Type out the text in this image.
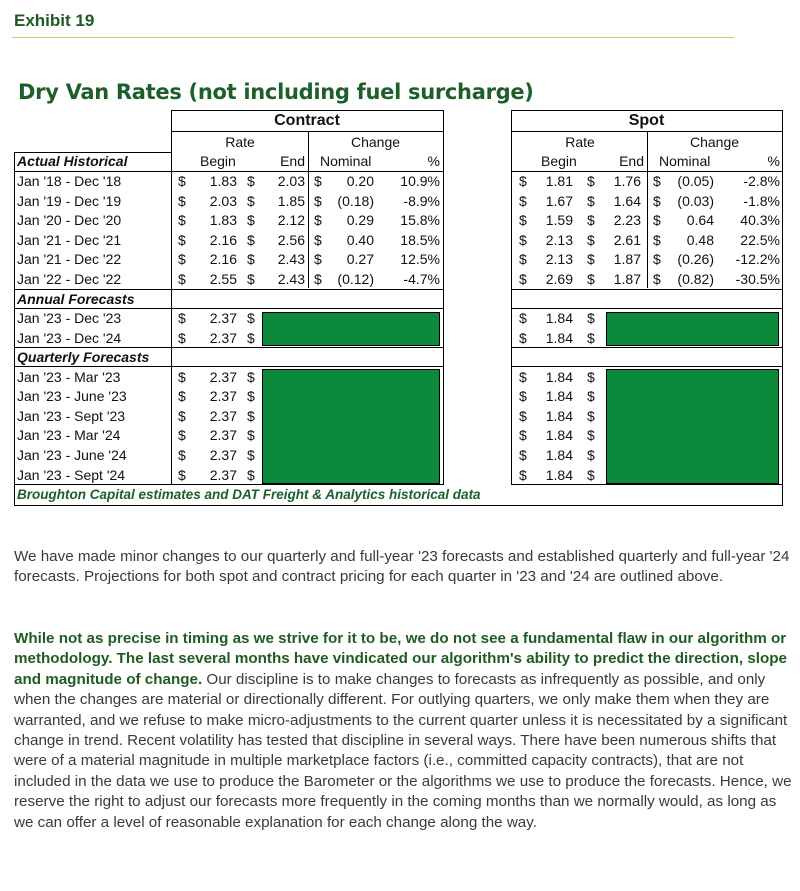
Exhibit 19
Dry Van Rates (not including fuel surcharge)
Contract	Spot
Rate	Change	Rate	Change
Begin	End Nominal	%	Begin	End Nominal	%
Actual Historical
Jan '18 - Dec '18	$	1.83 $	2.03 $	0.20	10.9%	$	1.81 $	1.76 $	(0.05)	-2.8%
Jan '19 - Dec '19	$	2.03 $	1.85 $	(0.18)	-8.9%	$	1.67 $	1.64 $	(0.03)	-1.8%
Jan '20 - Dec '20	$	1.83 $	2.12 $	0.29	15.8%	$	1.59 $	2.23 $	0.64	40.3%
Jan '21 - Dec '21	$	2.16 $	2.56 $	0.40	18.5%	$	2.13 $	2.61 $	0.48	22.5%
Jan '21 - Dec '22	$	2.16 $	2.43 $	0.27	12.5%	$	2.13 $	1.87 $	(0.26)	-12.2%
Jan '22 - Dec '22	$	2.55 $	2.43 $	(0.12)	-4.7%	$	2.69 $	1.87 $	(0.82)	-30.5%
Annual Forecasts
Jan '23 - Dec '23	$	2.37 $	$	1.84 $
Jan '23 - Dec '24	$	2.37 $	$	1.84 $
Quarterly Forecasts
Jan '23 - Mar '23	$	2.37 $	$	1.84 $
Jan '23 - June '23	$	2.37 $	$	1.84 $
Jan '23 - Sept '23	$	2.37 $	$	1.84 $
Jan '23 - Mar '24	$	2.37 $	$	1.84 $
Jan '23 - June '24	$	2.37 $	$	1.84 $
Jan '23 - Sept '24	$	2.37 $	$	1.84 $
Broughton Capital estimates and DAT Freight & Analytics historical data

We have made minor changes to our quarterly and full-year '23 forecasts and established quarterly and full-year '24 forecasts. Projections for both spot and contract pricing for each quarter in '23 and '24 are outlined above.

While not as precise in timing as we strive for it to be, we do not see a fundamental flaw in our algorithm or methodology. The last several months have vindicated our algorithm's ability to predict the direction, slope and magnitude of change. Our discipline is to make changes to forecasts as infrequently as possible, and only when the changes are material or directionally different. For outlying quarters, we only make them when they are warranted, and we refuse to make micro-adjustments to the current quarter unless it is necessitated by a significant change in trend. Recent volatility has tested that discipline in several ways. There have been numerous shifts that were of a material magnitude in multiple marketplace factors (i.e., committed capacity contracts), that are not included in the data we use to produce the Barometer or the algorithms we use to produce the forecasts. Hence, we reserve the right to adjust our forecasts more frequently in the coming months than we normally would, as long as we can offer a level of reasonable explanation for each change along the way.
